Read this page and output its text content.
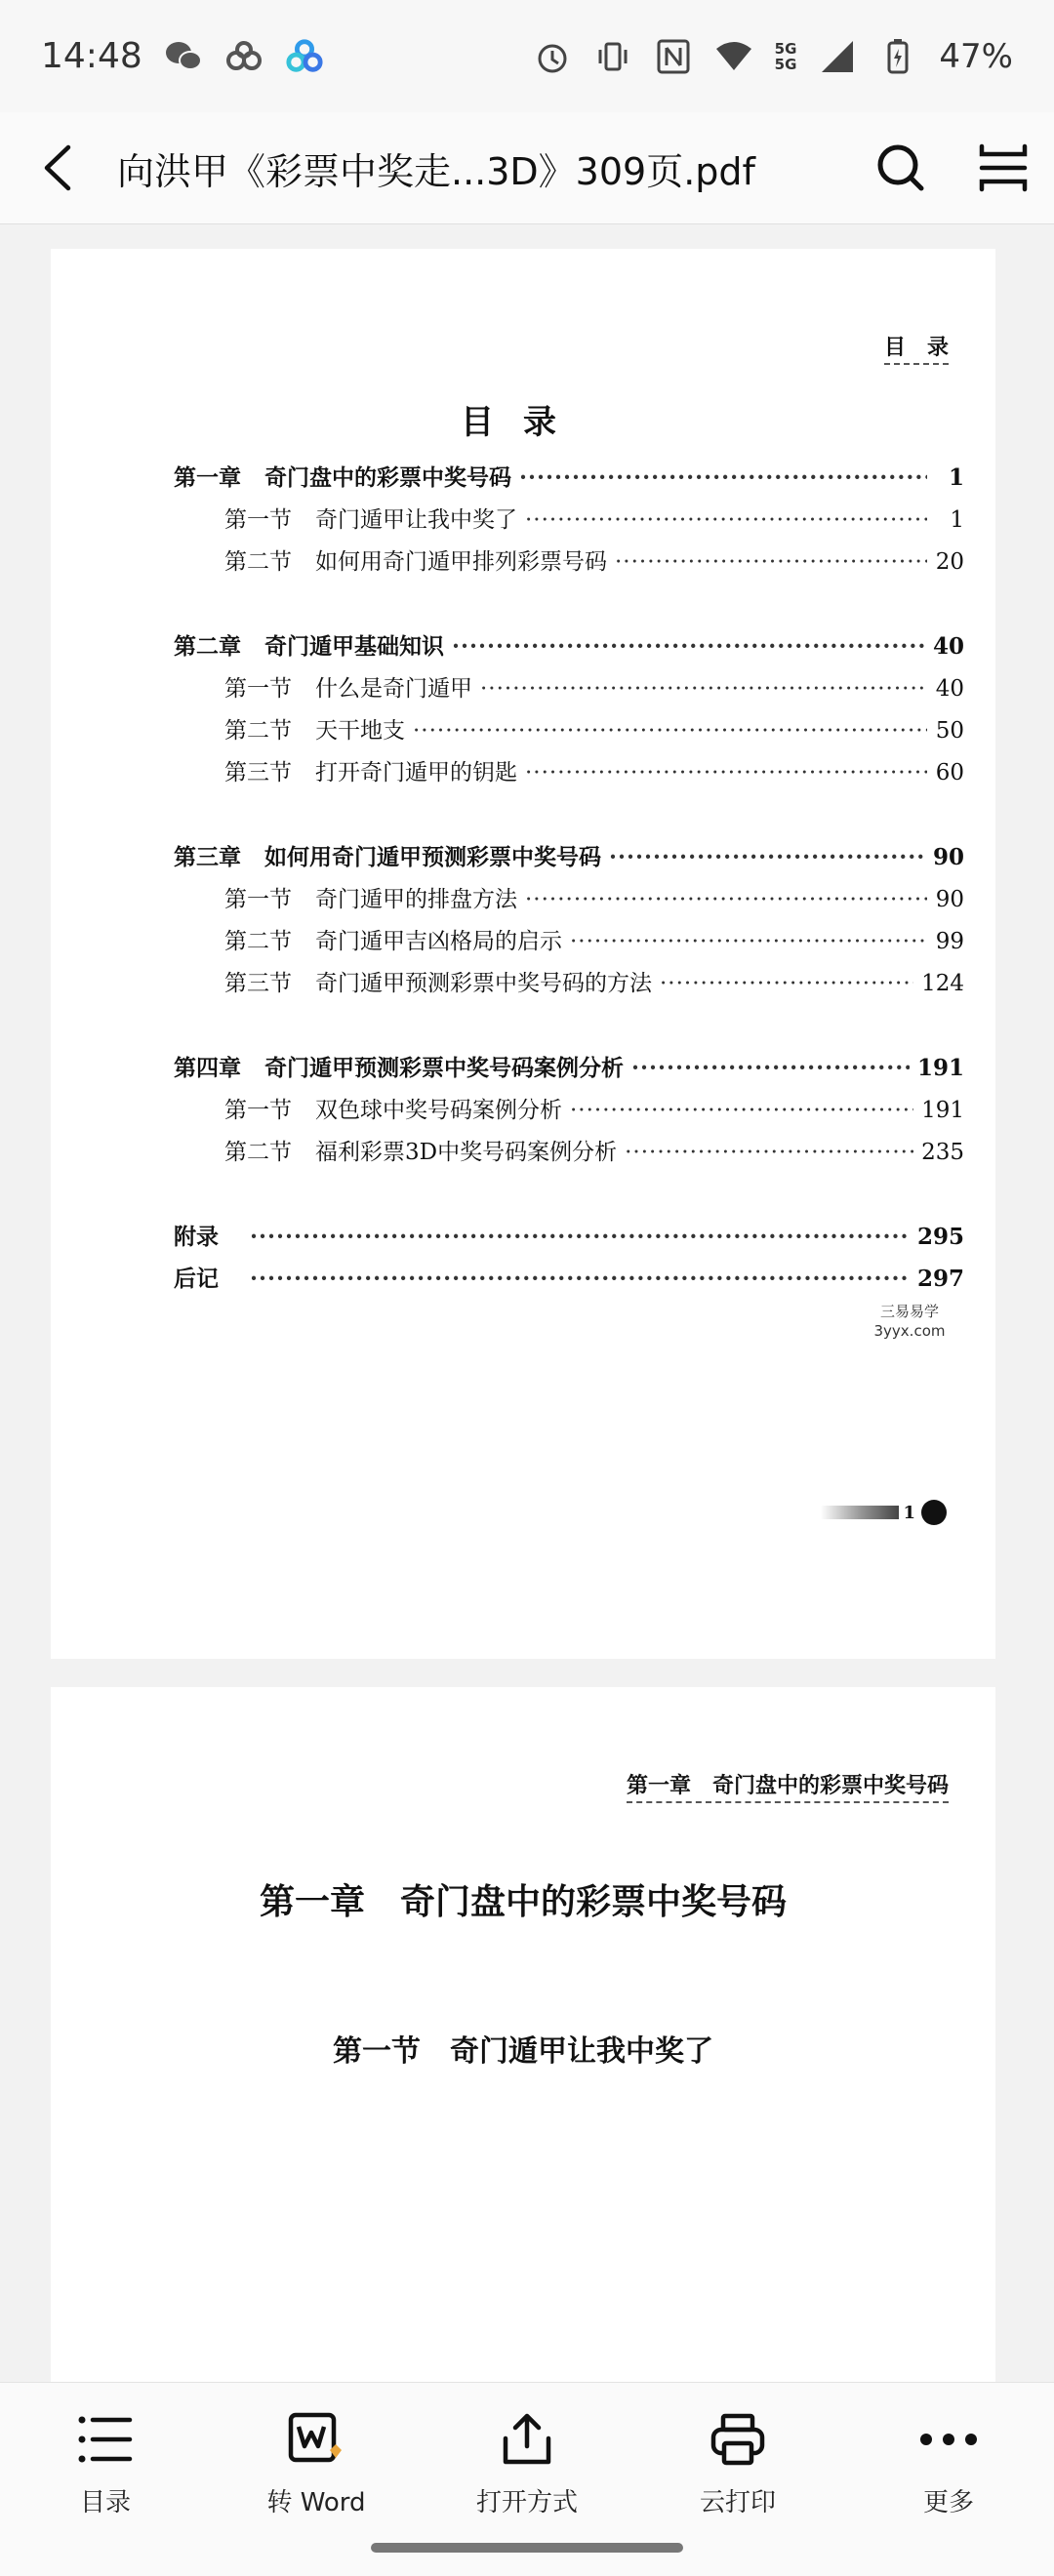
14:48	5G
5G	47%
向洪甲《彩票中奖走...3D》309页.pdf
目　录
目录
第一章 奇门盘中的彩票中奖号码 ·····	1
第一节 奇门遁甲让我中奖了 ·····	1
第二节 如何用奇门遁甲排列彩票号码 ·····	20
第二章 奇门遁甲基础知识 ·····	40
第一节 什么是奇门遁甲 ·····	40
第二节 天干地支 ·····	50
第三节 打开奇门遁甲的钥匙 ·····	60
第三章 如何用奇门遁甲预测彩票中奖号码 ·····	90
第一节 奇门遁甲的排盘方法 ·····	90
第二节 奇门遁甲吉凶格局的启示 ·····	99
第三节 奇门遁甲预测彩票中奖号码的方法 ·····	124
第四章 奇门遁甲预测彩票中奖号码案例分析 ·····	191
第一节 双色球中奖号码案例分析 ·····	191
第二节 福利彩票3D中奖号码案例分析 ·····	235
附录 ·····	295
后记 ·····	297
三易易学
3yyx.com
1
第一章　奇门盘中的彩票中奖号码
第一章　奇门盘中的彩票中奖号码
第一节　奇门遁甲让我中奖了
目录	转 Word	打开方式	云打印	更多
